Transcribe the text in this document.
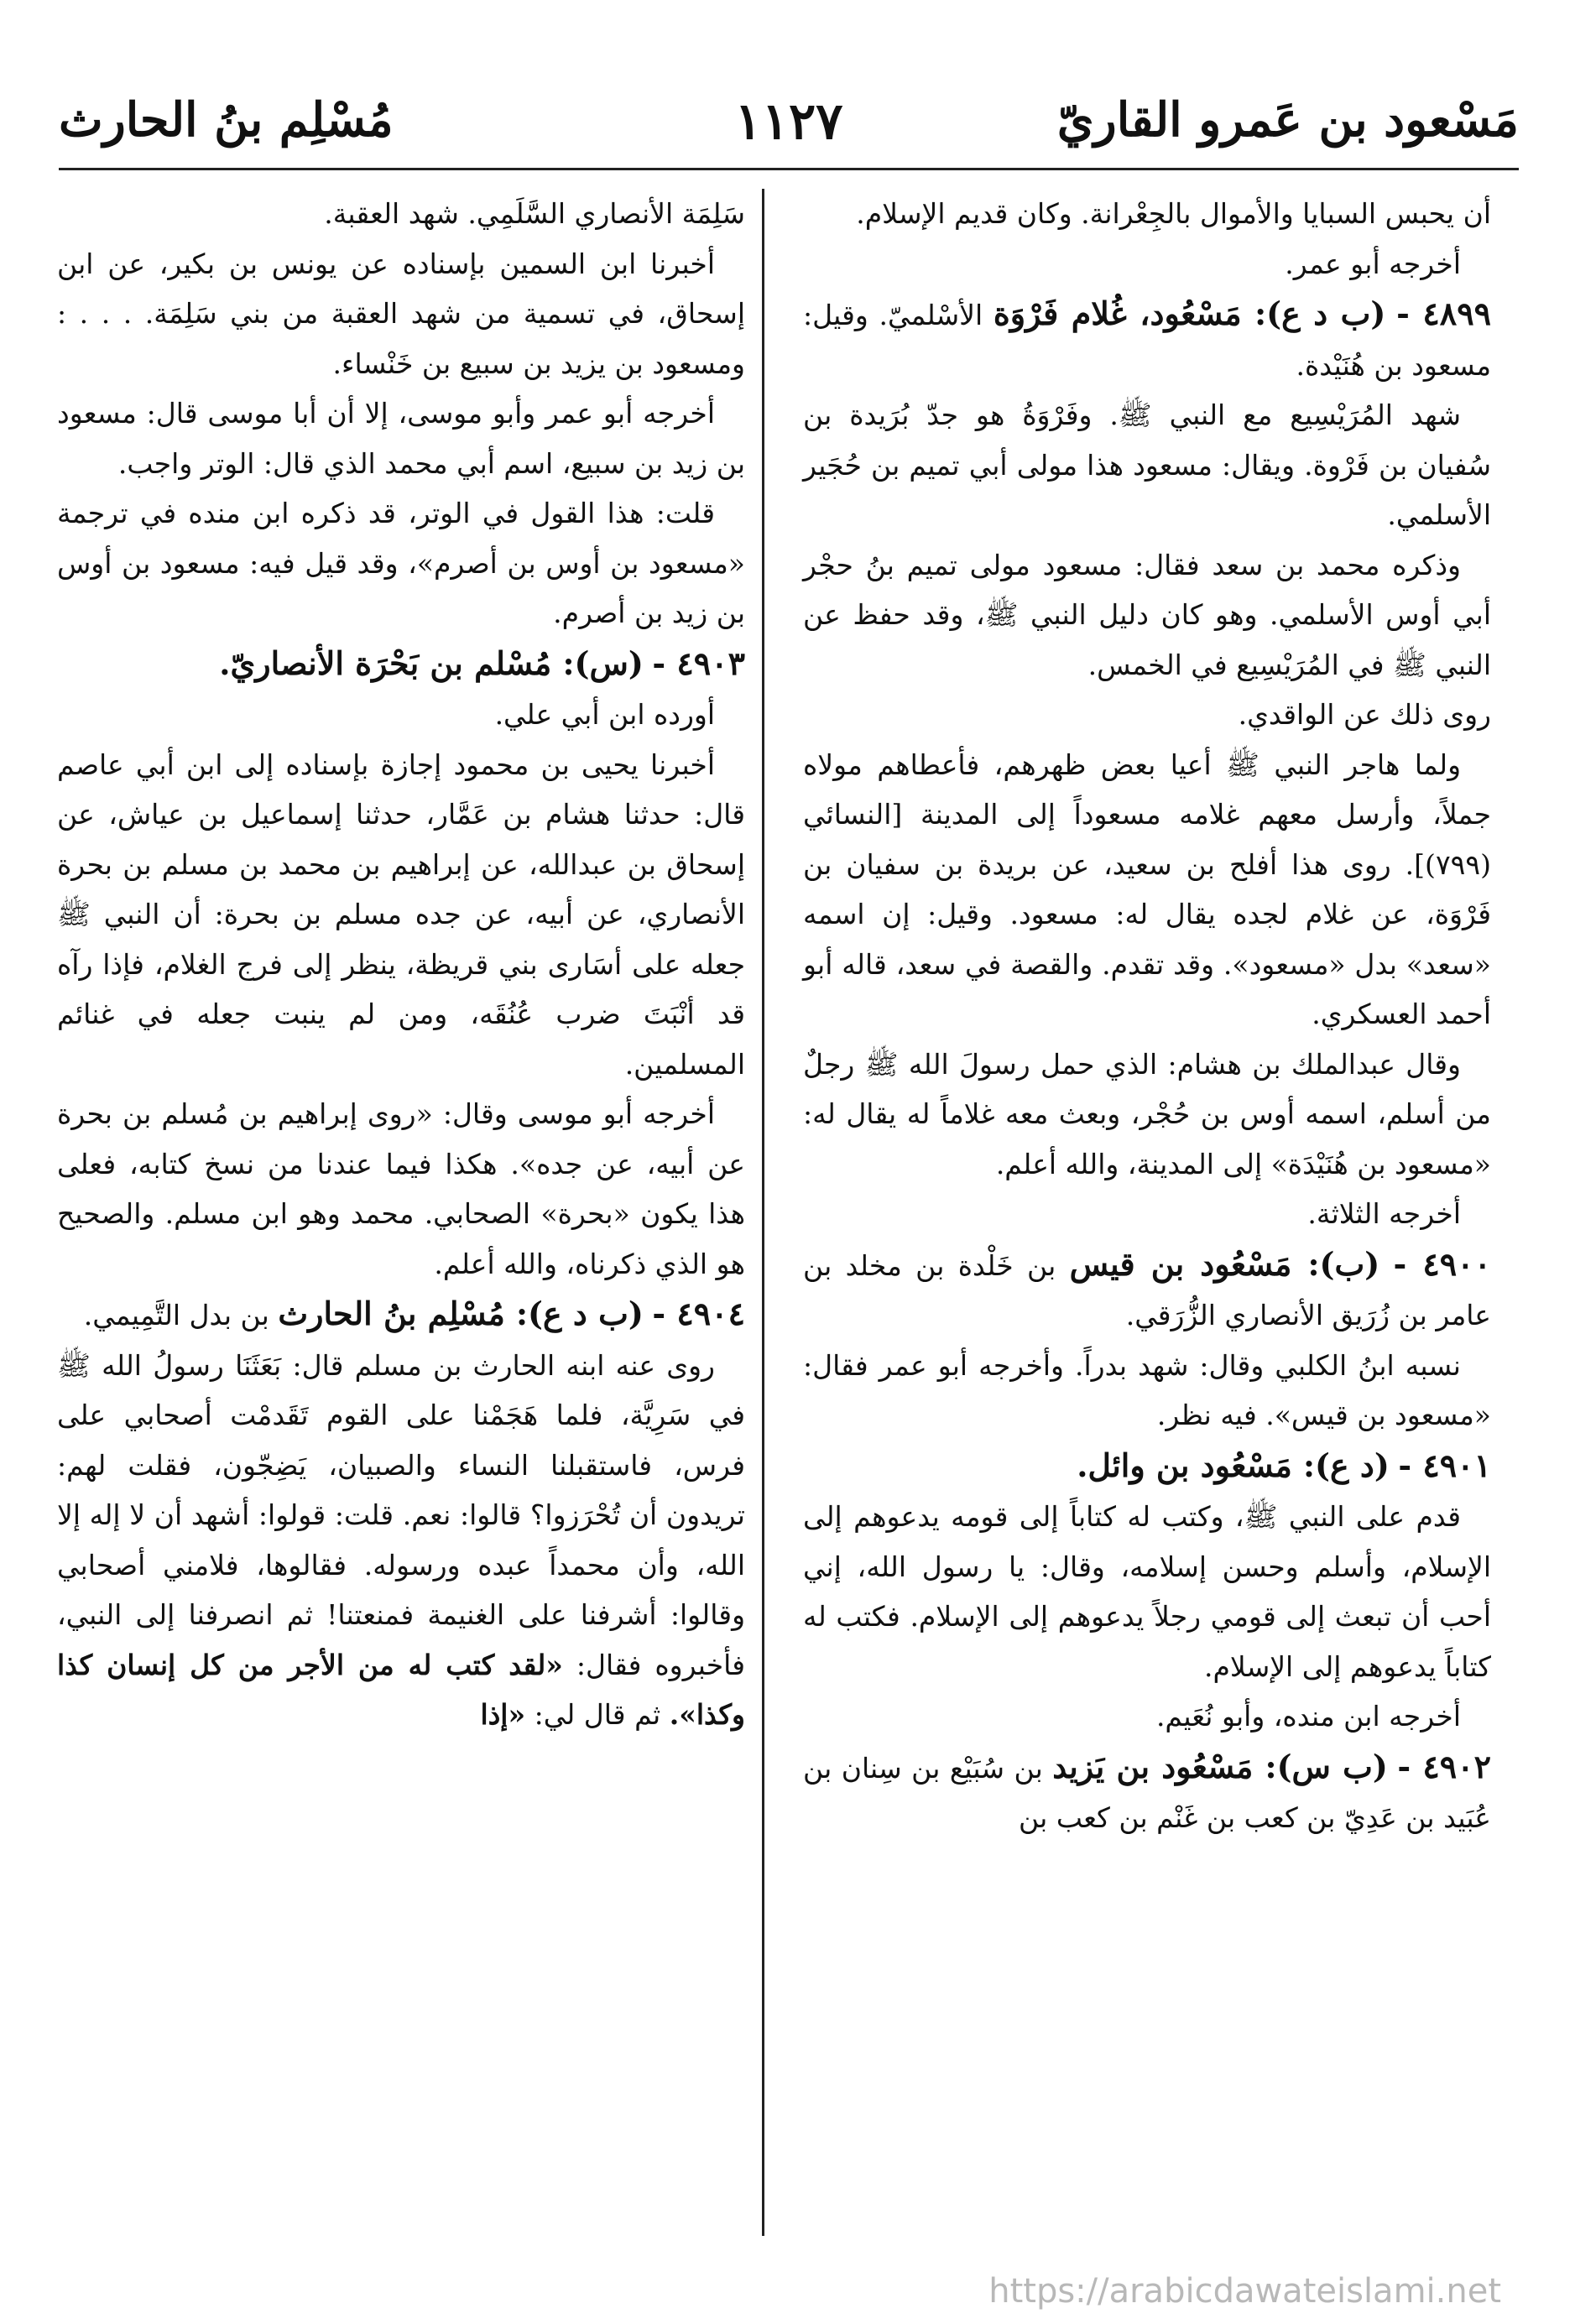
مَسْعود بن عَمرو القاريّ
١١٢٧
مُسْلِم بنُ الحارث

أن يحبس السبايا والأموال بالجِعْرانة. وكان قديم الإسلام.

أخرجه أبو عمر.

٤٨٩٩ - (ب د ع): مَسْعُود، غُلام فَرْوَة الأسْلميّ. وقيل: مسعود بن هُنَيْدة.

شهد المُرَيْسِيع مع النبي ﷺ. وفَرْوَةُ هو جدّ بُرَيدة بن سُفيان بن فَرْوة. ويقال: مسعود هذا مولى أبي تميم بن حُجَير الأسلمي.

وذكره محمد بن سعد فقال: مسعود مولى تميم بنُ حجْر أبي أوس الأسلمي. وهو كان دليل النبي ﷺ، وقد حفظ عن النبي ﷺ في المُرَيْسِيع في الخمس.

روى ذلك عن الواقدي.

ولما هاجر النبي ﷺ أعيا بعض ظهرهم، فأعطاهم مولاه جملاً، وأرسل معهم غلامه مسعوداً إلى المدينة [النسائي (٧٩٩)]. روى هذا أفلح بن سعيد، عن بريدة بن سفيان بن فَرْوَة، عن غلام لجده يقال له: مسعود. وقيل: إن اسمه «سعد» بدل «مسعود». وقد تقدم. والقصة في سعد، قاله أبو أحمد العسكري.

وقال عبدالملك بن هشام: الذي حمل رسولَ الله ﷺ رجلٌ من أسلم، اسمه أوس بن حُجْر، وبعث معه غلاماً له يقال له: «مسعود بن هُنَيْدَة» إلى المدينة، والله أعلم.

أخرجه الثلاثة.

٤٩٠٠ - (ب): مَسْعُود بن قيس بن خَلْدة بن مخلد بن عامر بن زُرَيق الأنصاري الزُّرَقي.

نسبه ابنُ الكلبي وقال: شهد بدراً. وأخرجه أبو عمر فقال: «مسعود بن قيس». فيه نظر.

٤٩٠١ - (د ع): مَسْعُود بن وائل.

قدم على النبي ﷺ، وكتب له كتاباً إلى قومه يدعوهم إلى الإسلام، وأسلم وحسن إسلامه، وقال: يا رسول الله، إني أحب أن تبعث إلى قومي رجلاً يدعوهم إلى الإسلام. فكتب له كتاباً يدعوهم إلى الإسلام.

أخرجه ابن منده، وأبو نُعَيم.

٤٩٠٢ - (ب س): مَسْعُود بن يَزيد بن سُبَيْع بن سِنان بن عُبَيد بن عَدِيّ بن كعب بن غَنْم بن كعب بن

سَلِمَة الأنصاري السَّلَمِي. شهد العقبة.

أخبرنا ابن السمين بإسناده عن يونس بن بكير، عن ابن إسحاق، في تسمية من شهد العقبة من بني سَلِمَة. . . . : ومسعود بن يزيد بن سبيع بن خَنْساء.

أخرجه أبو عمر وأبو موسى، إلا أن أبا موسى قال: مسعود بن زيد بن سبيع، اسم أبي محمد الذي قال: الوتر واجب.

قلت: هذا القول في الوتر، قد ذكره ابن منده في ترجمة «مسعود بن أوس بن أصرم»، وقد قيل فيه: مسعود بن أوس بن زيد بن أصرم.

٤٩٠٣ - (س): مُسْلم بن بَحْرَة الأنصاريّ.

أورده ابن أبي علي.

أخبرنا يحيى بن محمود إجازة بإسناده إلى ابن أبي عاصم قال: حدثنا هشام بن عَمَّار، حدثنا إسماعيل بن عياش، عن إسحاق بن عبدالله، عن إبراهيم بن محمد بن مسلم بن بحرة الأنصاري، عن أبيه، عن جده مسلم بن بحرة: أن النبي ﷺ جعله على أسَارى بني قريظة، ينظر إلى فرج الغلام، فإذا رآه قد أنْبَتَ ضرب عُنُقَه، ومن لم ينبت جعله في غنائم المسلمين.

أخرجه أبو موسى وقال: «روى إبراهيم بن مُسلم بن بحرة عن أبيه، عن جده». هكذا فيما عندنا من نسخ كتابه، فعلى هذا يكون «بحرة» الصحابي. محمد وهو ابن مسلم. والصحيح هو الذي ذكرناه، والله أعلم.

٤٩٠٤ - (ب د ع): مُسْلِم بنُ الحارث بن بدل التَّمِيمي.

روى عنه ابنه الحارث بن مسلم قال: بَعَثَنَا رسولُ الله ﷺ في سَرِيَّة، فلما هَجَمْنا على القوم تَقَدمْت أصحابي على فرس، فاستقبلنا النساء والصبيان، يَضِجّون، فقلت لهم: تريدون أن تُحْرَزوا؟ قالوا: نعم. قلت: قولوا: أشهد أن لا إله إلا الله، وأن محمداً عبده ورسوله. فقالوها، فلامني أصحابي وقالوا: أشرفنا على الغنيمة فمنعتنا! ثم انصرفنا إلى النبي، فأخبروه فقال: «لقد كتب له من الأجر من كل إنسان كذا وكذا». ثم قال لي: «إذا

https://arabicdawateislami.net
